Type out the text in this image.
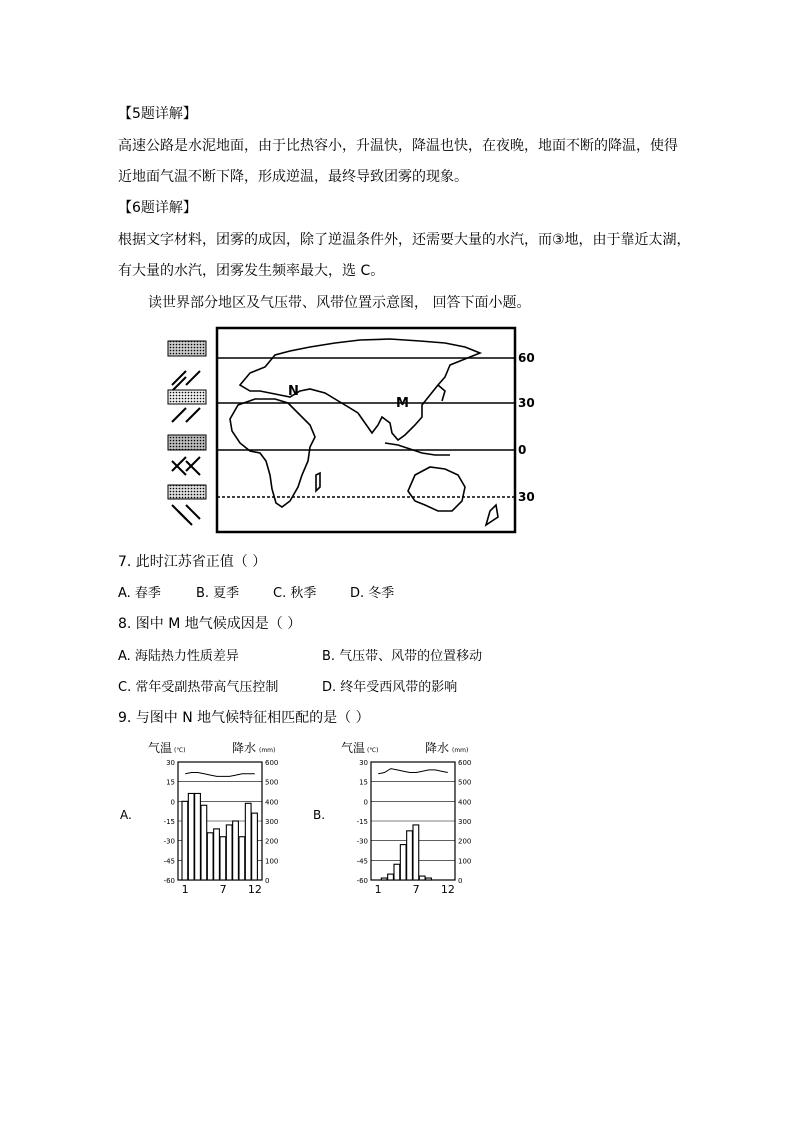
【5题详解】
高速公路是水泥地面，由于比热容小，升温快，降温也快，在夜晚，地面不断的降温，使得
近地面气温不断下降，形成逆温，最终导致团雾的现象。
【6题详解】
根据文字材料，团雾的成因，除了逆温条件外，还需要大量的水汽，而③地，由于靠近太湖，
有大量的水汽，团雾发生频率最大，选 C。
读世界部分地区及气压带、风带位置示意图， 回答下面小题。
N
M
60
30
0
30
7. 此时江苏省正值（ ）
A. 春季	B. 夏季	C. 秋季	D. 冬季
8. 图中 M 地气候成因是（ ）
A. 海陆热力性质差异	B. 气压带、风带的位置移动
C. 常年受副热带高气压控制	D. 终年受西风带的影响
9. 与图中 N 地气候特征相匹配的是（ ）
A.	B.
气温 (℃)	降水 (mm)
30
15
0
-15
-30
-45
-60
600
500
400
300
200
100
0
1	7 12
气温 (℃)	降水 (mm)
30
15
0
-15
-30
-45
-60
600
500
400
300
200
100
0
1	7 12
